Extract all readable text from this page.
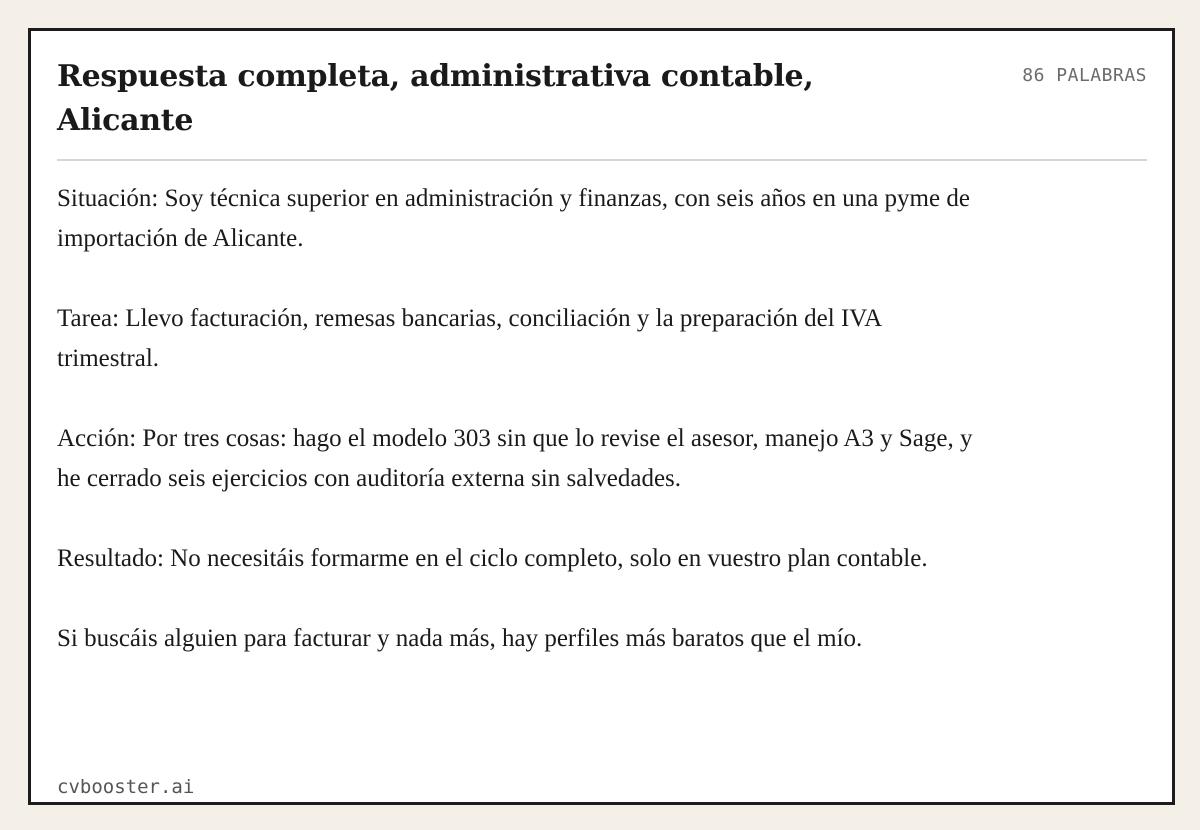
Respuesta completa, administrativa contable, Alicante
86 PALABRAS

Situación: Soy técnica superior en administración y finanzas, con seis años en una pyme de importación de Alicante.

Tarea: Llevo facturación, remesas bancarias, conciliación y la preparación del IVA trimestral.

Acción: Por tres cosas: hago el modelo 303 sin que lo revise el asesor, manejo A3 y Sage, y he cerrado seis ejercicios con auditoría externa sin salvedades.

Resultado: No necesitáis formarme en el ciclo completo, solo en vuestro plan contable.

Si buscáis alguien para facturar y nada más, hay perfiles más baratos que el mío.

cvbooster.ai
